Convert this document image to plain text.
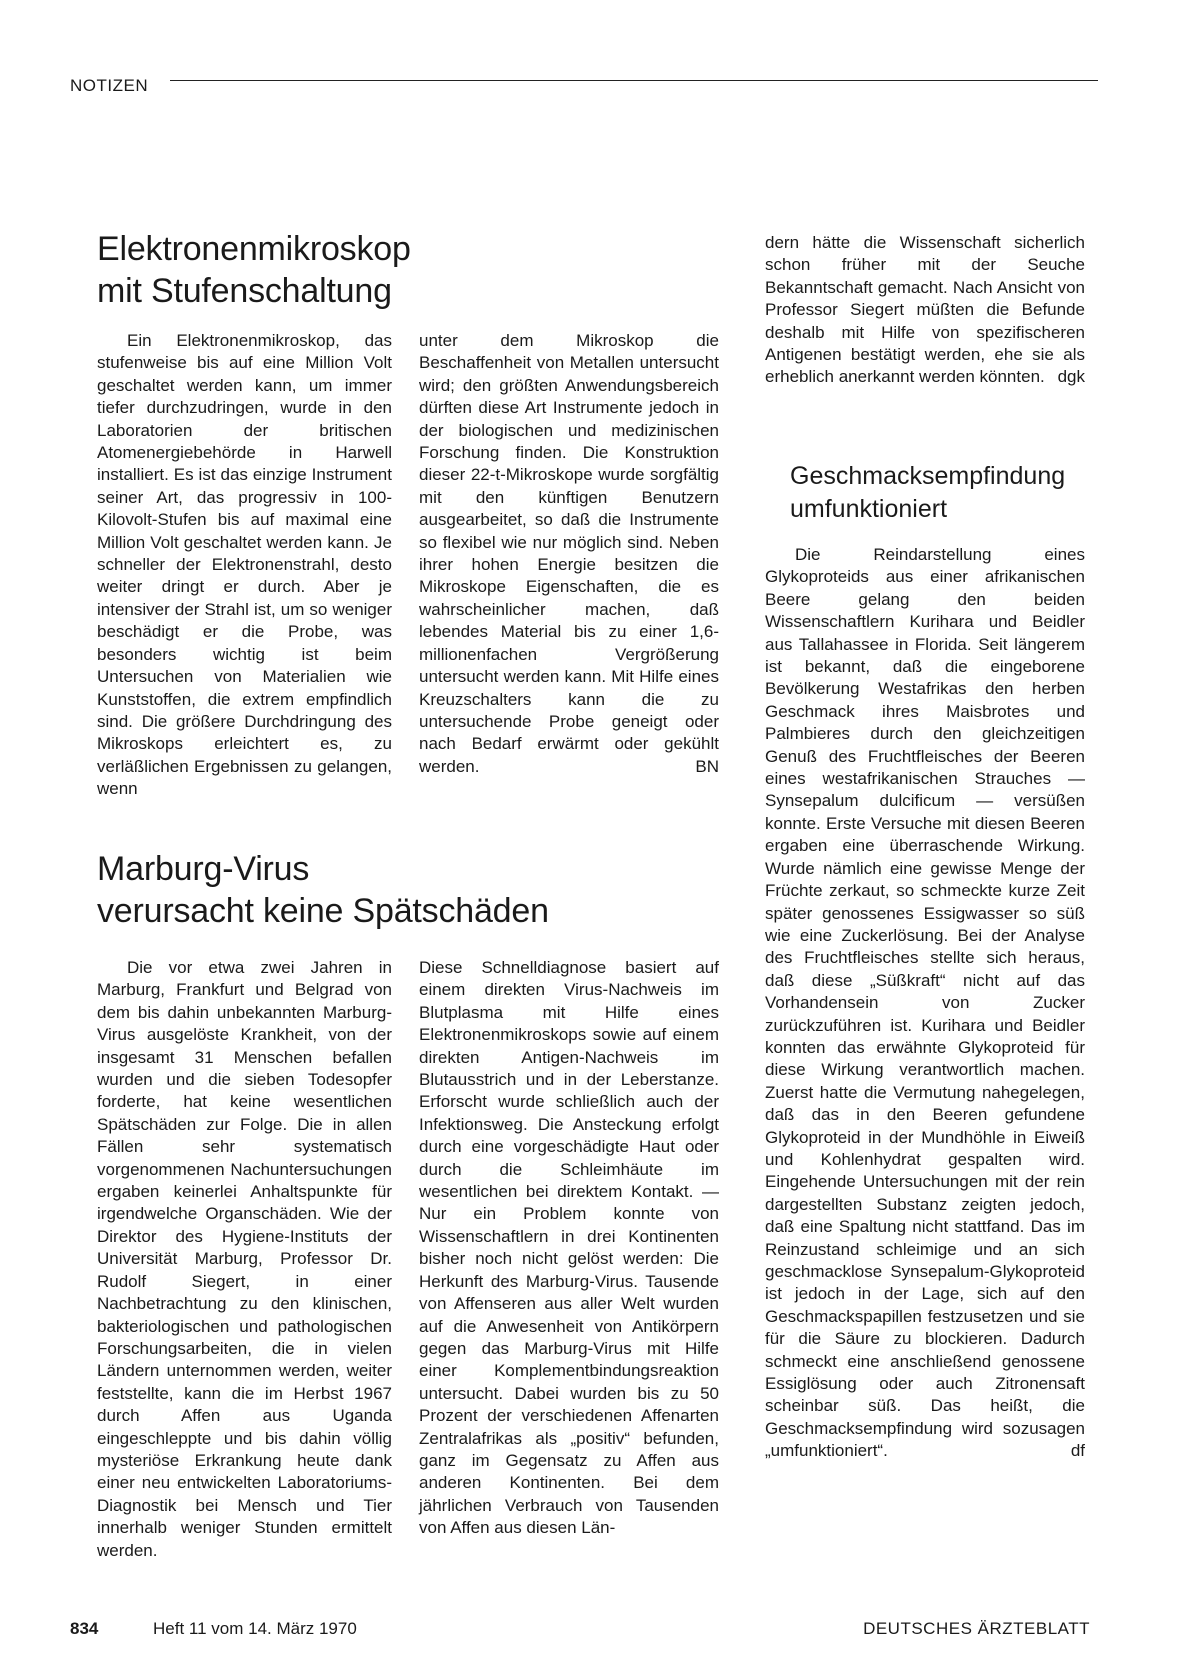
NOTIZEN
Elektronenmikroskop
mit Stufenschaltung

Ein Elektronenmikroskop, das stufenweise bis auf eine Million Volt geschaltet werden kann, um immer tiefer durchzudringen, wurde in den Laboratorien der britischen Atomenergiebehörde in Harwell installiert. Es ist das einzige Instrument seiner Art, das progressiv in 100-Kilovolt-Stufen bis auf maximal eine Million Volt geschaltet werden kann. Je schneller der Elektronenstrahl, desto weiter dringt er durch. Aber je intensiver der Strahl ist, um so weniger beschädigt er die Probe, was besonders wichtig ist beim Untersuchen von Materialien wie Kunststoffen, die extrem empfindlich sind. Die größere Durchdringung des Mikroskops erleichtert es, zu verläßlichen Ergebnissen zu gelangen, wenn

unter dem Mikroskop die Beschaffenheit von Metallen untersucht wird; den größten Anwendungsbereich dürften diese Art Instrumente jedoch in der biologischen und medizinischen Forschung finden. Die Konstruktion dieser 22-t-Mikroskope wurde sorgfältig mit den künftigen Benutzern ausgearbeitet, so daß die Instrumente so flexibel wie nur möglich sind. Neben ihrer hohen Energie besitzen die Mikroskope Eigenschaften, die es wahrscheinlicher machen, daß lebendes Material bis zu einer 1,6-millionenfachen Vergrößerung untersucht werden kann. Mit Hilfe eines Kreuzschalters kann die zu untersuchende Probe geneigt oder nach Bedarf erwärmt oder gekühlt werden.	BN

Marburg-Virus
verursacht keine Spätschäden

Die vor etwa zwei Jahren in Marburg, Frankfurt und Belgrad von dem bis dahin unbekannten Marburg-Virus ausgelöste Krankheit, von der insgesamt 31 Menschen befallen wurden und die sieben Todesopfer forderte, hat keine wesentlichen Spätschäden zur Folge. Die in allen Fällen sehr systematisch vorgenommenen Nachuntersuchungen ergaben keinerlei Anhaltspunkte für irgendwelche Organschäden. Wie der Direktor des Hygiene-Instituts der Universität Marburg, Professor Dr. Rudolf Siegert, in einer Nachbetrachtung zu den klinischen, bakteriologischen und pathologischen Forschungsarbeiten, die in vielen Ländern unternommen werden, weiter feststellte, kann die im Herbst 1967 durch Affen aus Uganda eingeschleppte und bis dahin völlig mysteriöse Erkrankung heute dank einer neu entwickelten Laboratoriums-Diagnostik bei Mensch und Tier innerhalb weniger Stunden ermittelt werden.

Diese Schnelldiagnose basiert auf einem direkten Virus-Nachweis im Blutplasma mit Hilfe eines Elektronenmikroskops sowie auf einem direkten Antigen-Nachweis im Blutausstrich und in der Leberstanze. Erforscht wurde schließlich auch der Infektionsweg. Die Ansteckung erfolgt durch eine vorgeschädigte Haut oder durch die Schleimhäute im wesentlichen bei direktem Kontakt. — Nur ein Problem konnte von Wissenschaftlern in drei Kontinenten bisher noch nicht gelöst werden: Die Herkunft des Marburg-Virus. Tausende von Affenseren aus aller Welt wurden auf die Anwesenheit von Antikörpern gegen das Marburg-Virus mit Hilfe einer Komplementbindungsreaktion untersucht. Dabei wurden bis zu 50 Prozent der verschiedenen Affenarten Zentralafrikas als „positiv“ befunden, ganz im Gegensatz zu Affen aus anderen Kontinenten. Bei dem jährlichen Verbrauch von Tausenden von Affen aus diesen Län-

dern hätte die Wissenschaft sicherlich schon früher mit der Seuche Bekanntschaft gemacht. Nach Ansicht von Professor Siegert müßten die Befunde deshalb mit Hilfe von spezifischeren Antigenen bestätigt werden, ehe sie als erheblich anerkannt werden könnten. dgk

Geschmacksempfindung
umfunktioniert

Die Reindarstellung eines Glykoproteids aus einer afrikanischen Beere gelang den beiden Wissenschaftlern Kurihara und Beidler aus Tallahassee in Florida. Seit längerem ist bekannt, daß die eingeborene Bevölkerung Westafrikas den herben Geschmack ihres Maisbrotes und Palmbieres durch den gleichzeitigen Genuß des Fruchtfleisches der Beeren eines westafrikanischen Strauches — Synsepalum dulcificum — versüßen konnte. Erste Versuche mit diesen Beeren ergaben eine überraschende Wirkung. Wurde nämlich eine gewisse Menge der Früchte zerkaut, so schmeckte kurze Zeit später genossenes Essigwasser so süß wie eine Zuckerlösung. Bei der Analyse des Fruchtfleisches stellte sich heraus, daß diese „Süßkraft“ nicht auf das Vorhandensein von Zucker zurückzuführen ist. Kurihara und Beidler konnten das erwähnte Glykoproteid für diese Wirkung verantwortlich machen. Zuerst hatte die Vermutung nahegelegen, daß das in den Beeren gefundene Glykoproteid in der Mundhöhle in Eiweiß und Kohlenhydrat gespalten wird. Eingehende Untersuchungen mit der rein dargestellten Substanz zeigten jedoch, daß eine Spaltung nicht stattfand. Das im Reinzustand schleimige und an sich geschmacklose Synsepalum-Glykoproteid ist jedoch in der Lage, sich auf den Geschmackspapillen festzusetzen und sie für die Säure zu blockieren. Dadurch schmeckt eine anschließend genossene Essiglösung oder auch Zitronensaft scheinbar süß. Das heißt, die Geschmacksempfindung wird sozusagen „umfunktioniert“.	df

834	Heft 11 vom 14. März 1970	DEUTSCHES ÄRZTEBLATT
